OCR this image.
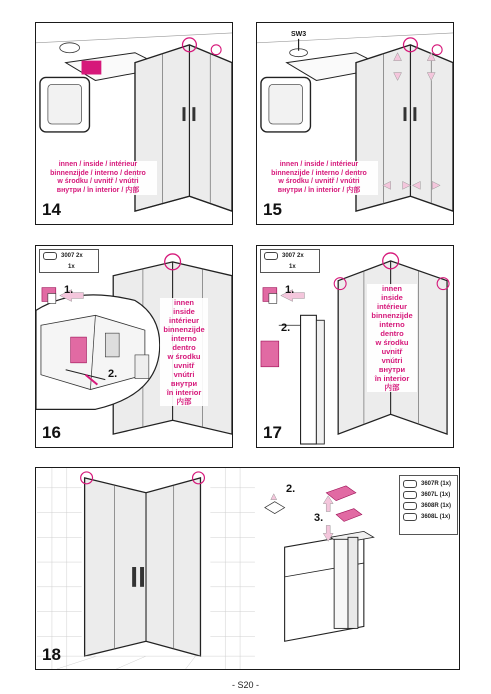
innen / inside / intérieur
binnenzijde / interno / dentro
w środku / uvnitř / vnútri
внутри / în interior / 内部
14
SW3
innen / inside / intérieur
binnenzijde / interno / dentro
w środku / uvnitř / vnútri
внутри / în interior / 内部
15
3007 2x
1x
1.
2.
innen
inside
intérieur
binnenzijde
interno
dentro
w środku
uvnitř
vnútri
внутри
în interior
内部
16
3007 2x
1x
1.
2.
innen
inside
intérieur
binnenzijde
interno
dentro
w środku
uvnitř
vnútri
внутри
în interior
内部
17
2.
3.
3607R (1x)
3607L (1x)
3608R (1x)
3608L (1x)
18
- S20 -
